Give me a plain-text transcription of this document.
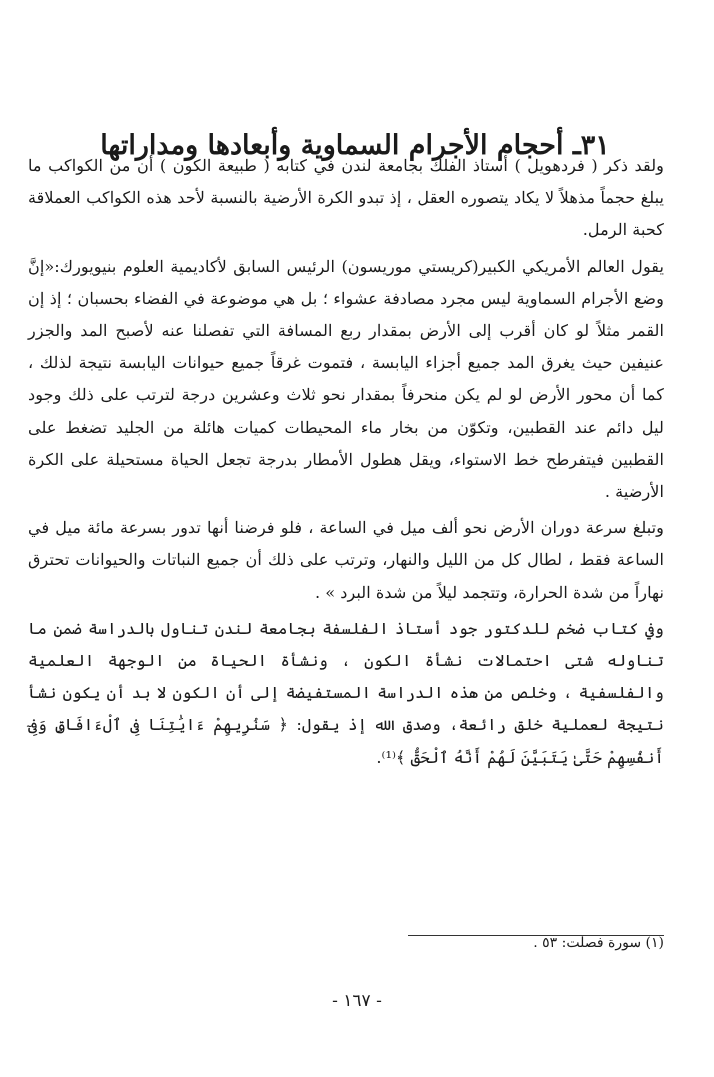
٣١ـ أحجام الأجرام السماوية وأبعادها ومداراتها

ولقد ذكر ( فردهويل ) أستاذ الفلك بجامعة لندن في كتابه ( طبيعة الكون ) أن من الكواكب ما يبلغ حجماً مذهلاً لا يكاد يتصوره العقل ، إذ تبدو الكرة الأرضية بالنسبة لأحد هذه الكواكب العملاقة كحبة الرمل.

يقول العالم الأمريكي الكبير(كريستي موريسون) الرئيس السابق لأكاديمية العلوم بنيويورك:«إنَّ وضع الأجرام السماوية ليس مجرد مصادفة عشواء ؛ بل هي موضوعة في الفضاء بحسبان ؛ إذ إن القمر مثلاً لو كان أقرب إلى الأرض بمقدار ربع المسافة التي تفصلنا عنه لأصبح المد والجزر عنيفين حيث يغرق المد جميع أجزاء اليابسة ، فتموت غرقاً جميع حيوانات اليابسة نتيجة لذلك ، كما أن محور الأرض لو لم يكن منحرفاً بمقدار نحو ثلاث وعشرين درجة لترتب على ذلك وجود ليل دائم عند القطبين، وتكوّن من بخار ماء المحيطات كميات هائلة من الجليد تضغط على القطبين فيتفرطح خط الاستواء، ويقل هطول الأمطار بدرجة تجعل الحياة مستحيلة على الكرة الأرضية .

وتبلغ سرعة دوران الأرض نحو ألف ميل في الساعة ، فلو فرضنا أنها تدور بسرعة مائة ميل في الساعة فقط ، لطال كل من الليل والنهار، وترتب على ذلك أن جميع النباتات والحيوانات تحترق نهاراً من شدة الحرارة، وتتجمد ليلاً من شدة البرد » .

وفي كتاب ضخم للدكتور جود أستاذ الفلسفة بجامعة لندن تناول بالدراسة ضمن ما تناوله شتى احتمالات نشأة الكون ، ونشأة الحياة من الوجهة العلمية والفلسفية ، وخلص من هذه الدراسة المستفيضة إلى أن الكون لا بد أن يكون نشأ نتيجة لعملية خلق رائعة، وصدق الله إذ يقول: ﴿ سَنُرِيهِمْ ءَايَٰتِنَا فِى ٱلْءَافَاقِ وَفِىٓ أَنفُسِهِمْ حَتَّىٰ يَتَبَيَّنَ لَهُمْ أَنَّهُ ٱلْحَقُّ ﴾⁽¹⁾.

(١) سورة فصلت: ٥٣ .
- ١٦٧ -
